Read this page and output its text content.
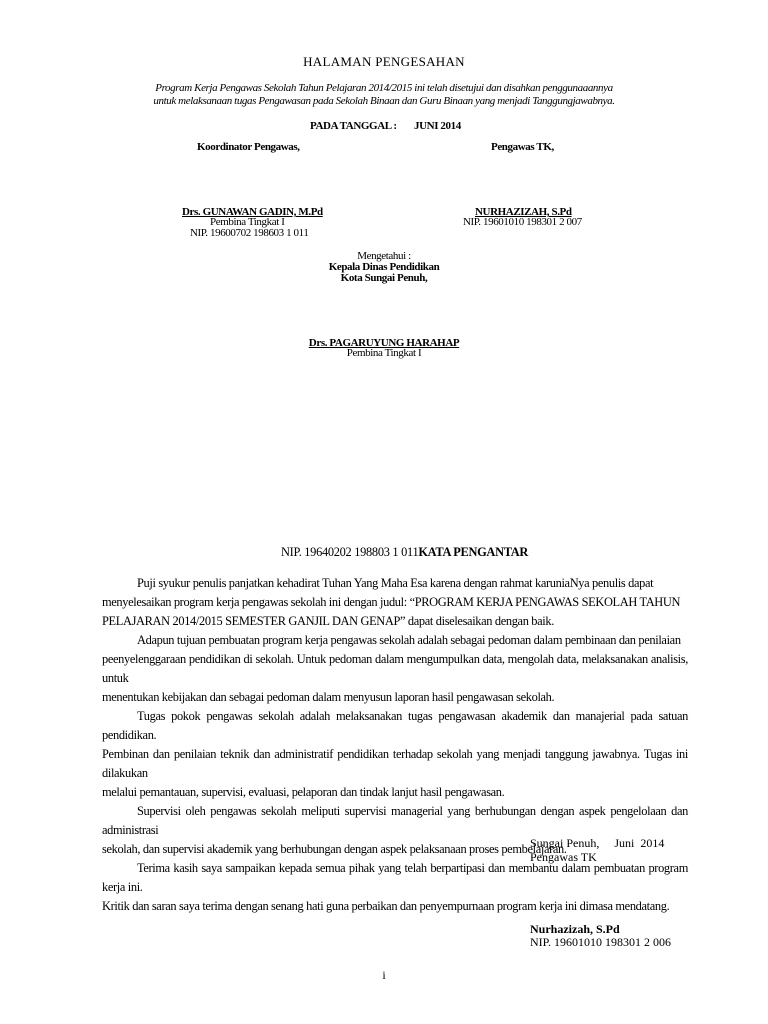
HALAMAN PENGESAHAN
Program Kerja Pengawas Sekolah Tahun Pelajaran 2014/2015 ini telah disetujui dan disahkan penggunaaannya
untuk melaksanaan tugas Pengawasan pada Sekolah Binaan dan Guru Binaan yang menjadi Tanggungjawabnya.
PADA TANGGAL : JUNI 2014
Koordinator Pengawas,	Pengawas TK,
Drs. GUNAWAN GADIN, M.Pd
Pembina Tingkat I
NIP. 19600702 198603 1 011
NURHAZIZAH, S.Pd
NIP. 19601010 198301 2 007
Mengetahui :
Kepala Dinas Pendidikan
Kota Sungai Penuh,
Drs. PAGARUYUNG HARAHAP
Pembina Tingkat I
NIP. 19640202 198803 1 011KATA PENGANTAR

Puji syukur penulis panjatkan kehadirat Tuhan Yang Maha Esa karena dengan rahmat karuniaNya penulis dapat

menyelesaikan program kerja pengawas sekolah ini dengan judul: “PROGRAM KERJA PENGAWAS SEKOLAH TAHUN

PELAJARAN 2014/2015 SEMESTER GANJIL DAN GENAP” dapat diselesaikan dengan baik.

Adapun tujuan pembuatan program kerja pengawas sekolah adalah sebagai pedoman dalam pembinaan dan penilaian

peenyelenggaraan pendidikan di sekolah. Untuk pedoman dalam mengumpulkan data, mengolah data, melaksanakan analisis, untuk

menentukan kebijakan dan sebagai pedoman dalam menyusun laporan hasil pengawasan sekolah.

Tugas pokok pengawas sekolah adalah melaksanakan tugas pengawasan akademik dan manajerial pada satuan pendidikan.

Pembinan dan penilaian teknik dan administratif pendidikan terhadap sekolah yang menjadi tanggung jawabnya. Tugas ini dilakukan

melalui pemantauan, supervisi, evaluasi, pelaporan dan tindak lanjut hasil pengawasan.

Supervisi oleh pengawas sekolah meliputi supervisi managerial yang berhubungan dengan aspek pengelolaan dan administrasi

sekolah, dan supervisi akademik yang berhubungan dengan aspek pelaksanaan proses pembelajaran.

Terima kasih saya sampaikan kepada semua pihak yang telah berpartipasi dan membantu dalam pembuatan program kerja ini.

Kritik dan saran saya terima dengan senang hati guna perbaikan dan penyempurnaan program kerja ini dimasa mendatang.

Sungai Penuh,     Juni  2014
Pengawas TK
Nurhazizah, S.Pd
NIP. 19601010 198301 2 006
i
